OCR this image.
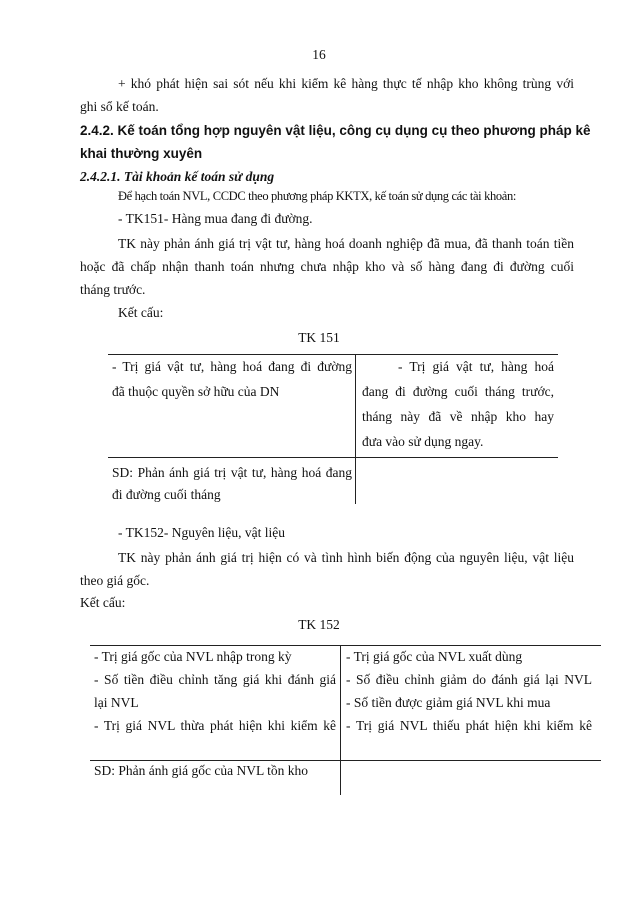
16
+ khó phát hiện sai sót nếu khi kiểm kê hàng thực tế nhập kho không trùng với
ghi sổ kế toán.
2.4.2. Kế toán tổng hợp nguyên vật liệu, công cụ dụng cụ theo phương pháp kê
khai thường xuyên
2.4.2.1. Tài khoản kế toán sử dụng
Để hạch toán NVL, CCDC theo phương pháp KKTX, kế toán sử dụng các tài khoản:
- TK151- Hàng mua đang đi đường.
TK này phản ánh giá trị vật tư, hàng hoá doanh nghiệp đã mua, đã thanh toán tiền
hoặc đã chấp nhận thanh toán nhưng chưa nhập kho và số hàng đang đi đường cuối
tháng trước.
Kết cấu:
TK 151
- Trị giá vật tư, hàng hoá đang đi đường
đã thuộc quyền sở hữu của DN
- Trị giá vật tư, hàng hoá
đang đi đường cuối tháng trước,
tháng này đã về nhập kho hay
đưa vào sử dụng ngay.
SD: Phản ánh giá trị vật tư, hàng hoá đang
đi đường cuối tháng
- TK152- Nguyên liệu, vật liệu
TK này phản ánh giá trị hiện có và tình hình biến động của nguyên liệu, vật liệu
theo giá gốc.
Kết cấu:
TK 152
- Trị giá gốc của NVL nhập trong kỳ
- Số tiền điều chỉnh tăng giá khi đánh giá
lại NVL
- Trị giá NVL thừa phát hiện khi kiểm kê
- Trị giá gốc của NVL xuất dùng
- Số điều chỉnh giảm do đánh giá lại NVL
- Số tiền được giảm giá NVL khi mua
- Trị giá NVL thiếu phát hiện khi kiểm kê
SD: Phản ánh giá gốc của NVL tồn kho
